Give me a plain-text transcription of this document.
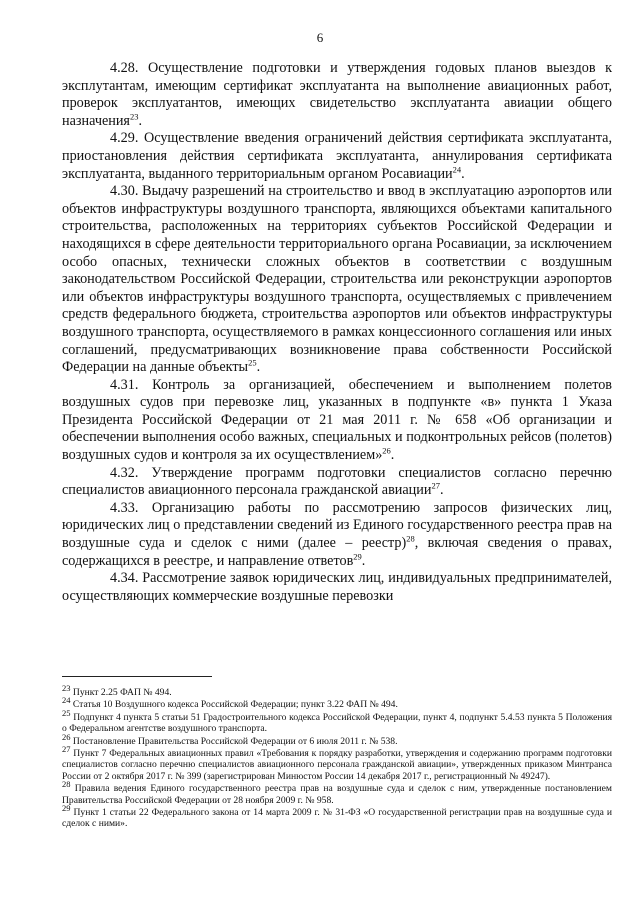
6

4.28. Осуществление подготовки и утверждения годовых планов выездов к эксплутантам, имеющим сертификат эксплуатанта на выполнение авиационных работ, проверок эксплуатантов, имеющих свидетельство эксплуатанта авиации общего назначения$^{23}$.

4.29. Осуществление введения ограничений действия сертификата эксплуатанта, приостановления действия сертификата эксплуатанта, аннулирования сертификата эксплуатанта, выданного территориальным органом Росавиации$^{24}$.

4.30. Выдачу разрешений на строительство и ввод в эксплуатацию аэропортов или объектов инфраструктуры воздушного транспорта, являющихся объектами капитального строительства, расположенных на территориях субъектов Российской Федерации и находящихся в сфере деятельности территориального органа Росавиации, за исключением особо опасных, технически сложных объектов в соответствии с воздушным законодательством Российской Федерации, строительства или реконструкции аэропортов или объектов инфраструктуры воздушного транспорта, осуществляемых с привлечением средств федерального бюджета, строительства аэропортов или объектов инфраструктуры воздушного транспорта, осуществляемого в рамках концессионного соглашения или иных соглашений, предусматривающих возникновение права собственности Российской Федерации на данные объекты$^{25}$.

4.31. Контроль за организацией, обеспечением и выполнением полетов воздушных судов при перевозке лиц, указанных в подпункте «в» пункта 1 Указа Президента Российской Федерации от 21 мая 2011 г. № 658 «Об организации и обеспечении выполнения особо важных, специальных и подконтрольных рейсов (полетов) воздушных судов и контроля за их осуществлением»$^{26}$.

4.32. Утверждение программ подготовки специалистов согласно перечню специалистов авиационного персонала гражданской авиации$^{27}$.

4.33. Организацию работы по рассмотрению запросов физических лиц, юридических лиц о представлении сведений из Единого государственного реестра прав на воздушные суда и сделок с ними (далее – реестр)$^{28}$, включая сведения о правах, содержащихся в реестре, и направление ответов$^{29}$.

4.34. Рассмотрение заявок юридических лиц, индивидуальных предпринимателей, осуществляющих коммерческие воздушные перевозки

$^{23}$ Пункт 2.25 ФАП № 494.

$^{24}$ Статья 10 Воздушного кодекса Российской Федерации; пункт 3.22 ФАП № 494.

$^{25}$ Подпункт 4 пункта 5 статьи 51 Градостроительного кодекса Российской Федерации, пункт 4, подпункт 5.4.53 пункта 5 Положения о Федеральном агентстве воздушного транспорта.

$^{26}$ Постановление Правительства Российской Федерации от 6 июля 2011 г. № 538.

$^{27}$ Пункт 7 Федеральных авиационных правил «Требования к порядку разработки, утверждения и содержанию программ подготовки специалистов согласно перечню специалистов авиационного персонала гражданской авиации», утвержденных приказом Минтранса России от 2 октября 2017 г. № 399 (зарегистрирован Минюстом России 14 декабря 2017 г., регистрационный № 49247).

$^{28}$ Правила ведения Единого государственного реестра прав на воздушные суда и сделок с ним, утвержденные постановлением Правительства Российской Федерации от 28 ноября 2009 г. № 958.

$^{29}$ Пункт 1 статьи 22 Федерального закона от 14 марта 2009 г. № 31-ФЗ «О государственной регистрации прав на воздушные суда и сделок с ними».
